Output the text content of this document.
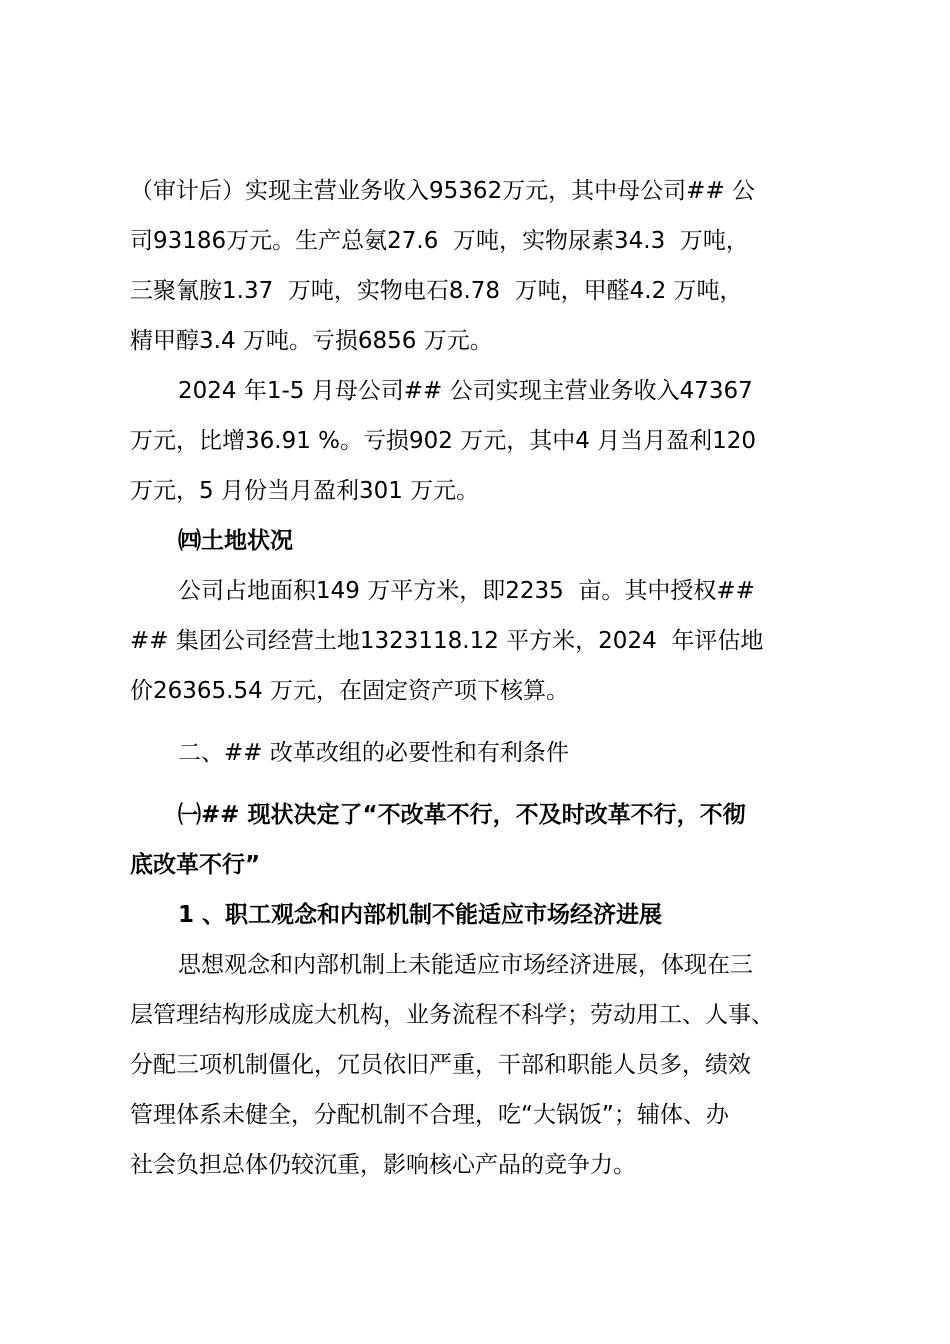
（审计后）实现主营业务收入95362万元，其中母公司## 公

司93186万元。生产总氨27.6  万吨，实物尿素34.3  万吨，

三聚氰胺1.37  万吨，实物电石8.78  万吨，甲醛4.2 万吨，

精甲醇3.4 万吨。亏损6856 万元。

2024 年1-5 月母公司## 公司实现主营业务收入47367

万元，比增36.91 %。亏损902 万元，其中4 月当月盈利120

万元，5 月份当月盈利301 万元。

㈣土地状况

公司占地面积149 万平方米，即2235  亩。其中授权##

## 集团公司经营土地1323118.12 平方米，2024  年评估地

价26365.54 万元，在固定资产项下核算。

二、## 改革改组的必要性和有利条件

㈠## 现状决定了“不改革不行，不及时改革不行，不彻

底改革不行”

1 、职工观念和内部机制不能适应市场经济进展

思想观念和内部机制上未能适应市场经济进展，体现在三

层管理结构形成庞大机构，业务流程不科学；劳动用工、人事、

分配三项机制僵化，冗员依旧严重，干部和职能人员多，绩效

管理体系未健全，分配机制不合理，吃“大锅饭”；辅体、办

社会负担总体仍较沉重，影响核心产品的竞争力。
